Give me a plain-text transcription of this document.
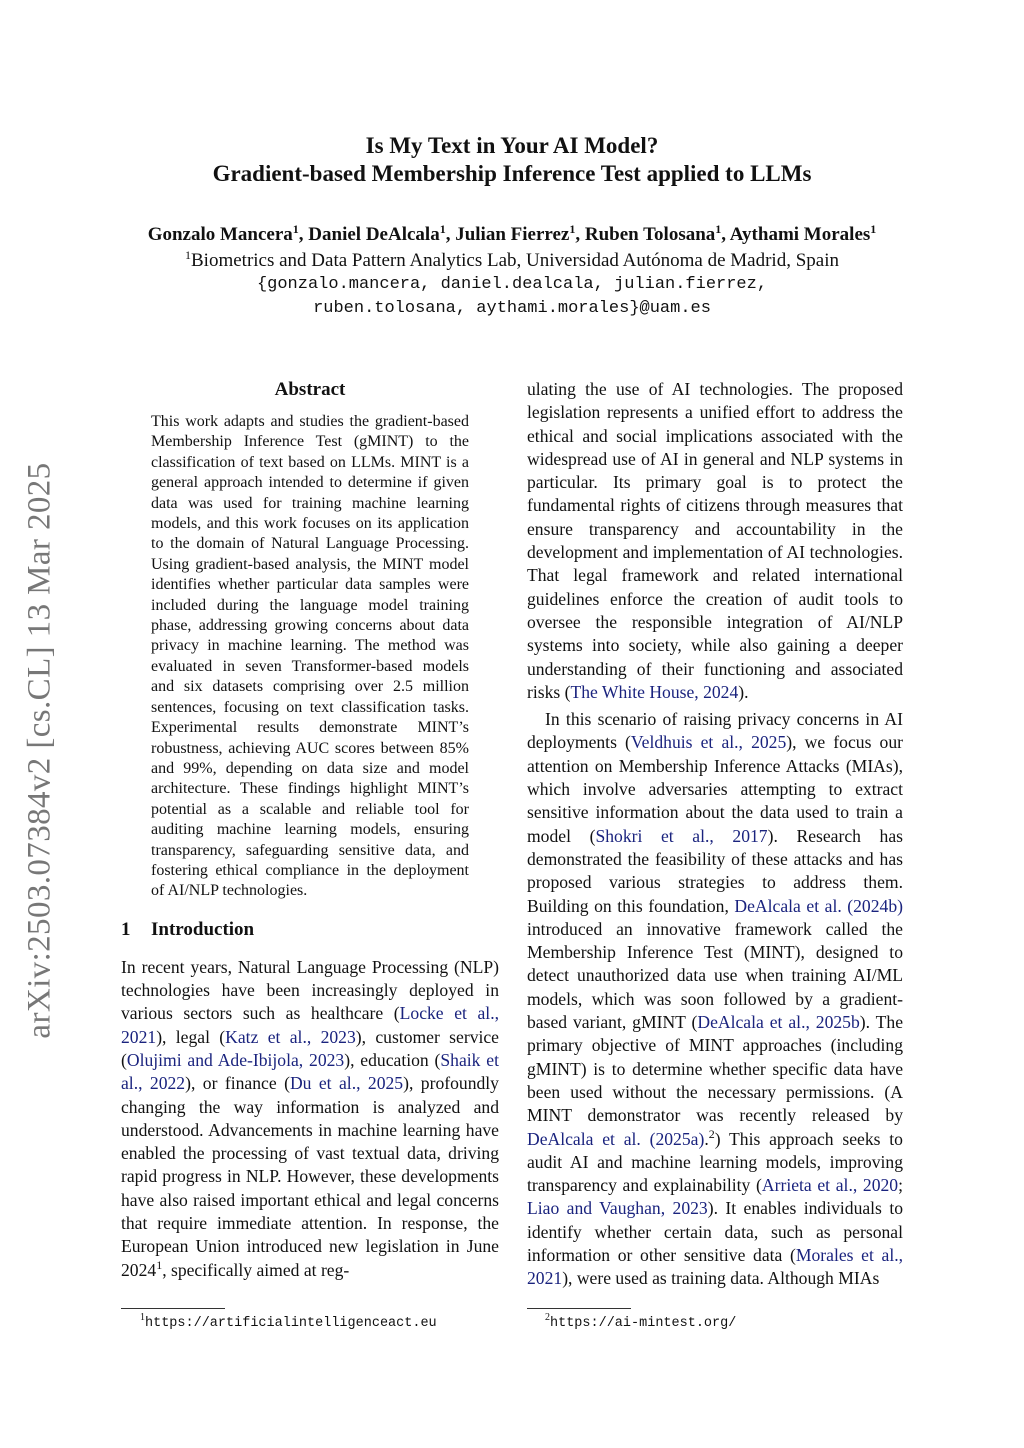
arXiv:2503.07384v2 [cs.CL] 13 Mar 2025
Is My Text in Your AI Model?
Gradient-based Membership Inference Test applied to LLMs
Gonzalo Mancera$^1$, Daniel DeAlcala$^1$, Julian Fierrez$^1$, Ruben Tolosana$^1$, Aythami Morales$^1$
$^1$Biometrics and Data Pattern Analytics Lab, Universidad Autónoma de Madrid, Spain
{gonzalo.mancera, daniel.dealcala, julian.fierrez,
ruben.tolosana, aythami.morales}@uam.es
Abstract

This work adapts and studies the gradient-based Membership Inference Test (gMINT) to the classification of text based on LLMs. MINT is a general approach intended to determine if given data was used for training machine learning models, and this work focuses on its application to the domain of Natural Language Processing. Using gradient-based analysis, the MINT model identifies whether particular data samples were included during the language model training phase, addressing growing concerns about data privacy in machine learning. The method was evaluated in seven Transformer-based models and six datasets comprising over 2.5 million sentences, focusing on text classification tasks. Experimental results demonstrate MINT’s robustness, achieving AUC scores between 85% and 99%, depending on data size and model architecture. These findings highlight MINT’s potential as a scalable and reliable tool for auditing machine learning models, ensuring transparency, safeguarding sensitive data, and fostering ethical compliance in the deployment of AI/NLP technologies.

1 Introduction

In recent years, Natural Language Processing (NLP) technologies have been increasingly deployed in various sectors such as healthcare (Locke et al., 2021), legal (Katz et al., 2023), customer service (Olujimi and Ade-Ibijola, 2023), education (Shaik et al., 2022), or finance (Du et al., 2025), profoundly changing the way information is analyzed and understood. Advancements in machine learning have enabled the processing of vast textual data, driving rapid progress in NLP. However, these developments have also raised important ethical and legal concerns that require immediate attention. In response, the European Union introduced new legislation in June 2024$^1$, specifically aimed at reg-

ulating the use of AI technologies. The proposed legislation represents a unified effort to address the ethical and social implications associated with the widespread use of AI in general and NLP systems in particular. Its primary goal is to protect the fundamental rights of citizens through measures that ensure transparency and accountability in the development and implementation of AI technologies. That legal framework and related international guidelines enforce the creation of audit tools to oversee the responsible integration of AI/NLP systems into society, while also gaining a deeper understanding of their functioning and associated risks (The White House, 2024).

In this scenario of raising privacy concerns in AI deployments (Veldhuis et al., 2025), we focus our attention on Membership Inference Attacks (MIAs), which involve adversaries attempting to extract sensitive information about the data used to train a model (Shokri et al., 2017). Research has demonstrated the feasibility of these attacks and has proposed various strategies to address them. Building on this foundation, DeAlcala et al. (2024b) introduced an innovative framework called the Membership Inference Test (MINT), designed to detect unauthorized data use when training AI/ML models, which was soon followed by a gradient-based variant, gMINT (DeAlcala et al., 2025b). The primary objective of MINT approaches (including gMINT) is to determine whether specific data have been used without the necessary permissions. (A MINT demonstrator was recently released by DeAlcala et al. (2025a).$^2$) This approach seeks to audit AI and machine learning models, improving transparency and explainability (Arrieta et al., 2020; Liao and Vaughan, 2023). It enables individuals to identify whether certain data, such as personal information or other sensitive data (Morales et al., 2021), were used as training data. Although MIAs

$^1$https://artificialintelligenceact.eu	$^2$https://ai-mintest.org/
